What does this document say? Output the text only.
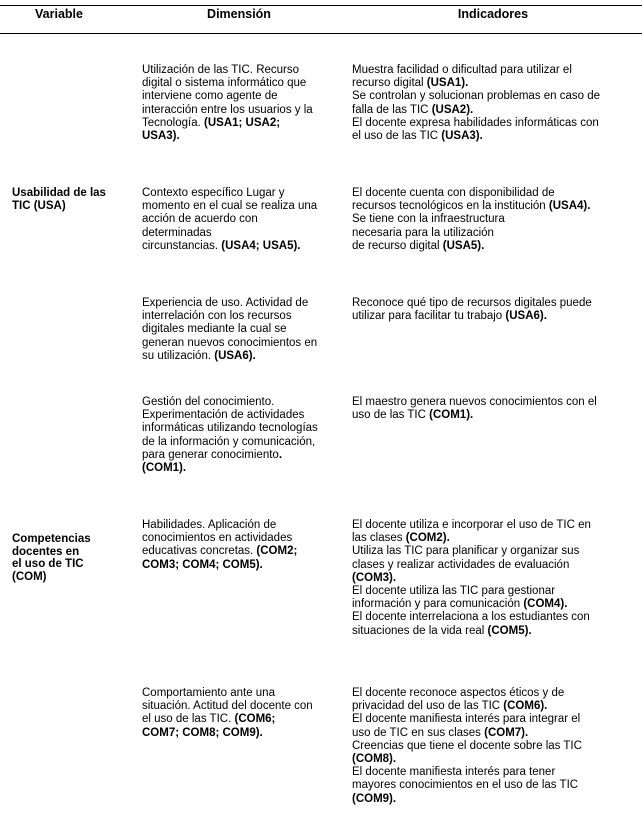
Variable	Dimensión	Indicadores
Usabilidad de las
TIC (USA)
Competencias
docentes en
el uso de TIC
(COM)
Utilización de las TIC. Recurso
digital o sistema informático que
interviene como agente de
interacción entre los usuarios y la
Tecnología. (USA1; USA2;
USA3).
Muestra facilidad o dificultad para utilizar el
recurso digital (USA1).
Se controlan y solucionan problemas en caso de
falla de las TIC (USA2).
El docente expresa habilidades informáticas con
el uso de las TIC (USA3).
Contexto específico Lugar y
momento en el cual se realiza una
acción de acuerdo con
determinadas
circunstancias. (USA4; USA5).
El docente cuenta con disponibilidad de
recursos tecnológicos en la institución (USA4).
Se tiene con la infraestructura
necesaria para la utilización
de recurso digital (USA5).
Experiencia de uso. Actividad de
interrelación con los recursos
digitales mediante la cual se
generan nuevos conocimientos en
su utilización. (USA6).
Reconoce qué tipo de recursos digitales puede
utilizar para facilitar tu trabajo (USA6).
Gestión del conocimiento.
Experimentación de actividades
informáticas utilizando tecnologías
de la información y comunicación,
para generar conocimiento.
(COM1).
El maestro genera nuevos conocimientos con el
uso de las TIC (COM1).
Habilidades. Aplicación de
conocimientos en actividades
educativas concretas. (COM2;
COM3; COM4; COM5).
El docente utiliza e incorporar el uso de TIC en
las clases (COM2).
Utiliza las TIC para planificar y organizar sus
clases y realizar actividades de evaluación
(COM3).
El docente utiliza las TIC para gestionar
información y para comunicación (COM4).
El docente interrelaciona a los estudiantes con
situaciones de la vida real (COM5).
Comportamiento ante una
situación. Actitud del docente con
el uso de las TIC. (COM6;
COM7; COM8; COM9).
El docente reconoce aspectos éticos y de
privacidad del uso de las TIC (COM6).
El docente manifiesta interés para integrar el
uso de TIC en sus clases (COM7).
Creencias que tiene el docente sobre las TIC
(COM8).
El docente manifiesta interés para tener
mayores conocimientos en el uso de las TIC
(COM9).
